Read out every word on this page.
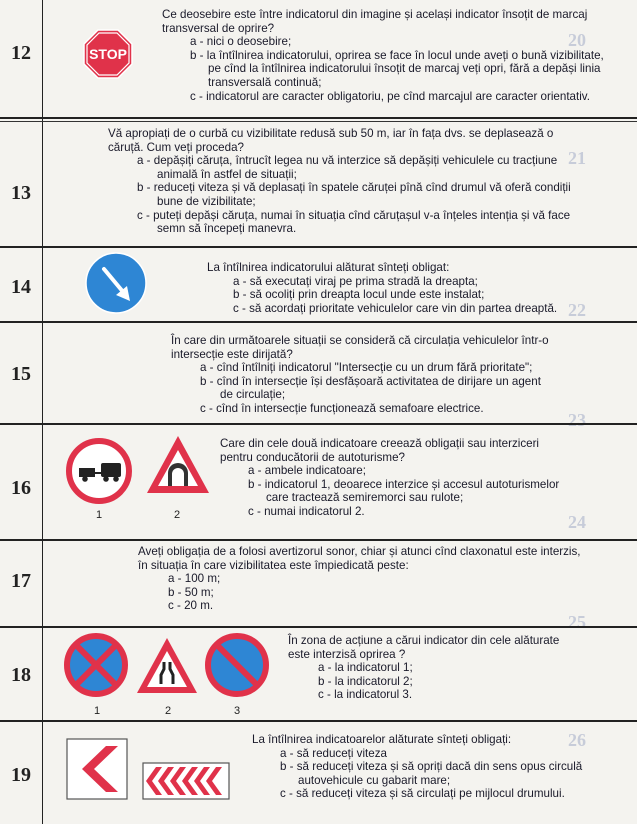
20
21
22
23
24
25
26
12	STOP
Ce deosebire este între indicatorul din imagine și același indicator însoțit de marcaj
transversal de oprire?
a - nici o deosebire;
b - la întîlnirea indicatorului, oprirea se face în locul unde aveți o bună vizibilitate,
pe cînd la întîlnirea indicatorului însoțit de marcaj veți opri, fără a depăși linia
transversală continuă;
c - indicatorul are caracter obligatoriu, pe cînd marcajul are caracter orientativ.
13
Vă apropiați de o curbă cu vizibilitate redusă sub 50 m, iar în fața dvs. se deplasează o
căruță. Cum veți proceda?
a - depășiți căruța, întrucît legea nu vă interzice să depășiți vehiculele cu tracțiune
animală în astfel de situații;
b - reduceți viteza și vă deplasați în spatele căruței pînă cînd drumul vă oferă condiții
bune de vizibilitate;
c - puteți depăși căruța, numai în situația cînd căruțașul v-a înțeles intenția și vă face
semn să începeți manevra.
14
La întîlnirea indicatorului alăturat sînteți obligat:
a - să executați viraj pe prima stradă la dreapta;
b - să ocoliți prin dreapta locul unde este instalat;
c - să acordați prioritate vehiculelor care vin din partea dreaptă.
15
În care din următoarele situații se consideră că circulația vehiculelor într-o
intersecție este dirijată?
a - cînd întîlniți indicatorul "Intersecție cu un drum fără prioritate";
b - cînd în intersecție își desfășoară activitatea de dirijare un agent
de circulație;
c - cînd în intersecție funcționează semafoare electrice.
16
1	2
Care din cele două indicatoare creează obligații sau interziceri
pentru conducătorii de autoturisme?
a - ambele indicatoare;
b - indicatorul 1, deoarece interzice și accesul autoturismelor
care tractează semiremorci sau rulote;
c - numai indicatorul 2.
17
Aveți obligația de a folosi avertizorul sonor, chiar și atunci cînd claxonatul este interzis,
în situația în care vizibilitatea este împiedicată peste:
a - 100 m;
b - 50 m;
c - 20 m.
18
1	2	3
În zona de acțiune a cărui indicator din cele alăturate
este interzisă oprirea ?
a - la indicatorul 1;
b - la indicatorul 2;
c - la indicatorul 3.
19
La întîlnirea indicatoarelor alăturate sînteți obligați:
a - să reduceți viteza
b - să reduceți viteza și să opriți dacă din sens opus circulă
autovehicule cu gabarit mare;
c - să reduceți viteza și să circulați pe mijlocul drumului.
